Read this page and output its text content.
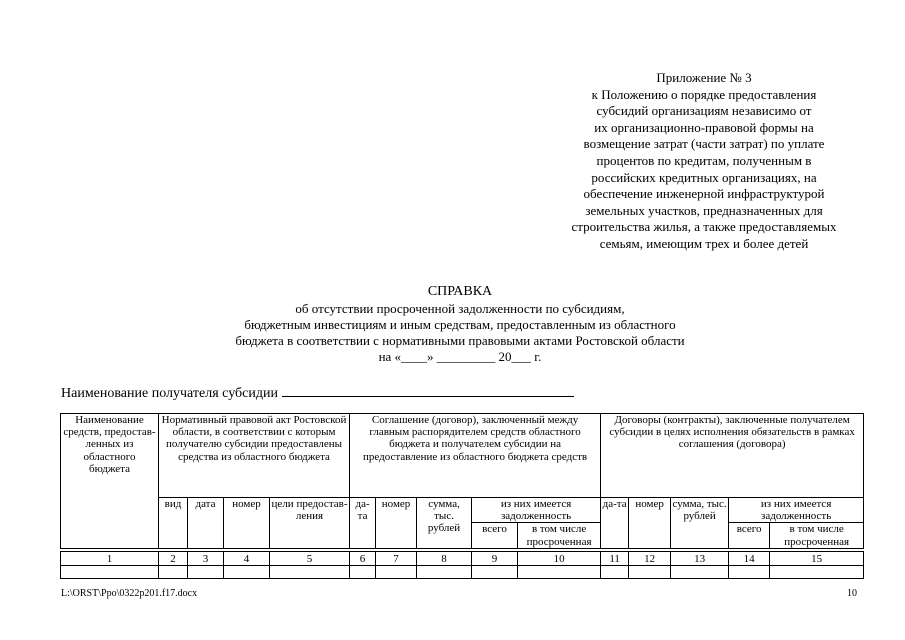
Приложение № 3
к Положению о порядке предоставления
субсидий организациям независимо от
их организационно-правовой формы на
возмещение затрат (части затрат) по уплате
процентов по кредитам, полученным в
российских кредитных организациях, на
обеспечение инженерной инфраструктурой
земельных участков, предназначенных для
строительства жилья, а также предоставляемых
семьям, имеющим трех и более детей
СПРАВКА
об отсутствии просроченной задолженности по субсидиям,
бюджетным инвестициям и иным средствам, предоставленным из областного
бюджета в соответствии с нормативными правовыми актами Ростовской области
на «____» _________ 20___ г.
Наименование получателя субсидии
Наименование средств, предостав-ленных из областного бюджета	Нормативный правовой акт Ростовской области, в соответствии с которым получателю субсидии предоставлены средства из областного бюджета				Соглашение (договор), заключенный между главным распорядителем средств областного бюджета и получателем субсидии на предоставление из областного бюджета средств					Договоры (контракты), заключенные получателем субсидии в целях исполнения обязательств в рамках соглашения (договора)				
	вид	дата	номер	цели предостав-ления	да-та	номер	сумма, тыс. рублей	из них имеется задолженность		да-та	номер	сумма, тыс. рублей	из них имеется задолженность	
								всего	в том числе просроченная				всего	в том числе просроченная

1	2	3	4	5	6	7	8	9	10	11	12	13	14	15

L:\ORST\Ppo\0322p201.f17.docx	10
